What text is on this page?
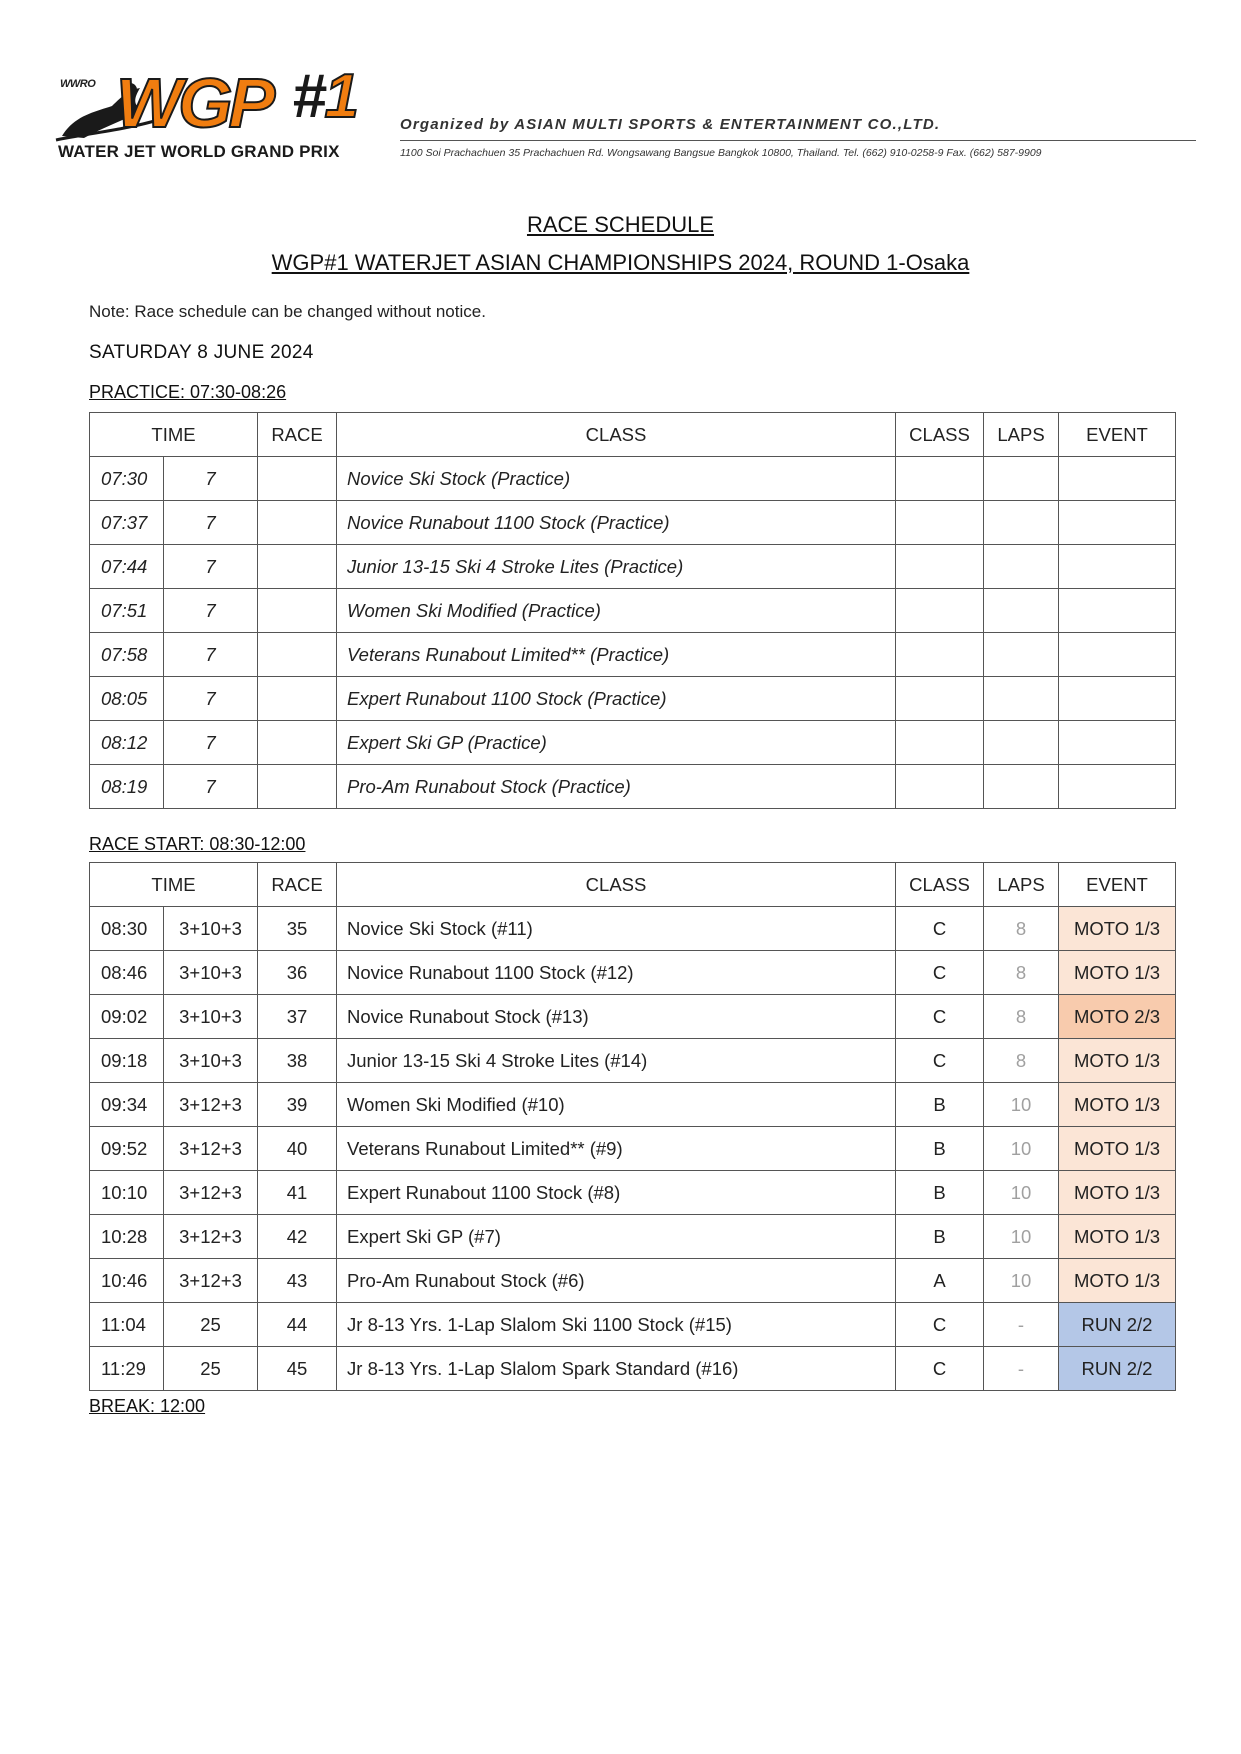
WWRO WGP #1
WATER JET WORLD GRAND PRIX
Organized by ASIAN MULTI SPORTS & ENTERTAINMENT CO.,LTD.
1100 Soi Prachachuen 35 Prachachuen Rd. Wongsawang Bangsue Bangkok 10800, Thailand. Tel. (662) 910-0258-9 Fax. (662) 587-9909
RACE SCHEDULE
WGP#1 WATERJET ASIAN CHAMPIONSHIPS 2024, ROUND 1-Osaka
Note: Race schedule can be changed without notice.
SATURDAY 8 JUNE 2024
PRACTICE: 07:30-08:26
TIME		RACE	CLASS	CLASS	LAPS	EVENT
07:30	7		Novice Ski Stock (Practice)			
07:37	7		Novice Runabout 1100 Stock (Practice)			
07:44	7		Junior 13-15 Ski 4 Stroke Lites (Practice)			
07:51	7		Women Ski Modified (Practice)			
07:58	7		Veterans Runabout Limited** (Practice)			
08:05	7		Expert Runabout 1100 Stock (Practice)			
08:12	7		Expert Ski GP (Practice)			
08:19	7		Pro-Am Runabout Stock (Practice)			
RACE START: 08:30-12:00
TIME		RACE	CLASS	CLASS	LAPS	EVENT
08:30	3+10+3	35	Novice Ski Stock (#11)	C	8	MOTO 1/3
08:46	3+10+3	36	Novice Runabout 1100 Stock (#12)	C	8	MOTO 1/3
09:02	3+10+3	37	Novice Runabout Stock (#13)	C	8	MOTO 2/3
09:18	3+10+3	38	Junior 13-15 Ski 4 Stroke Lites (#14)	C	8	MOTO 1/3
09:34	3+12+3	39	Women Ski Modified (#10)	B	10	MOTO 1/3
09:52	3+12+3	40	Veterans Runabout Limited** (#9)	B	10	MOTO 1/3
10:10	3+12+3	41	Expert Runabout 1100 Stock (#8)	B	10	MOTO 1/3
10:28	3+12+3	42	Expert Ski GP (#7)	B	10	MOTO 1/3
10:46	3+12+3	43	Pro-Am Runabout Stock (#6)	A	10	MOTO 1/3
11:04	25	44	Jr 8-13 Yrs. 1-Lap Slalom Ski 1100 Stock (#15)	C	-	RUN 2/2
11:29	25	45	Jr 8-13 Yrs. 1-Lap Slalom Spark Standard (#16)	C	-	RUN 2/2
BREAK: 12:00
